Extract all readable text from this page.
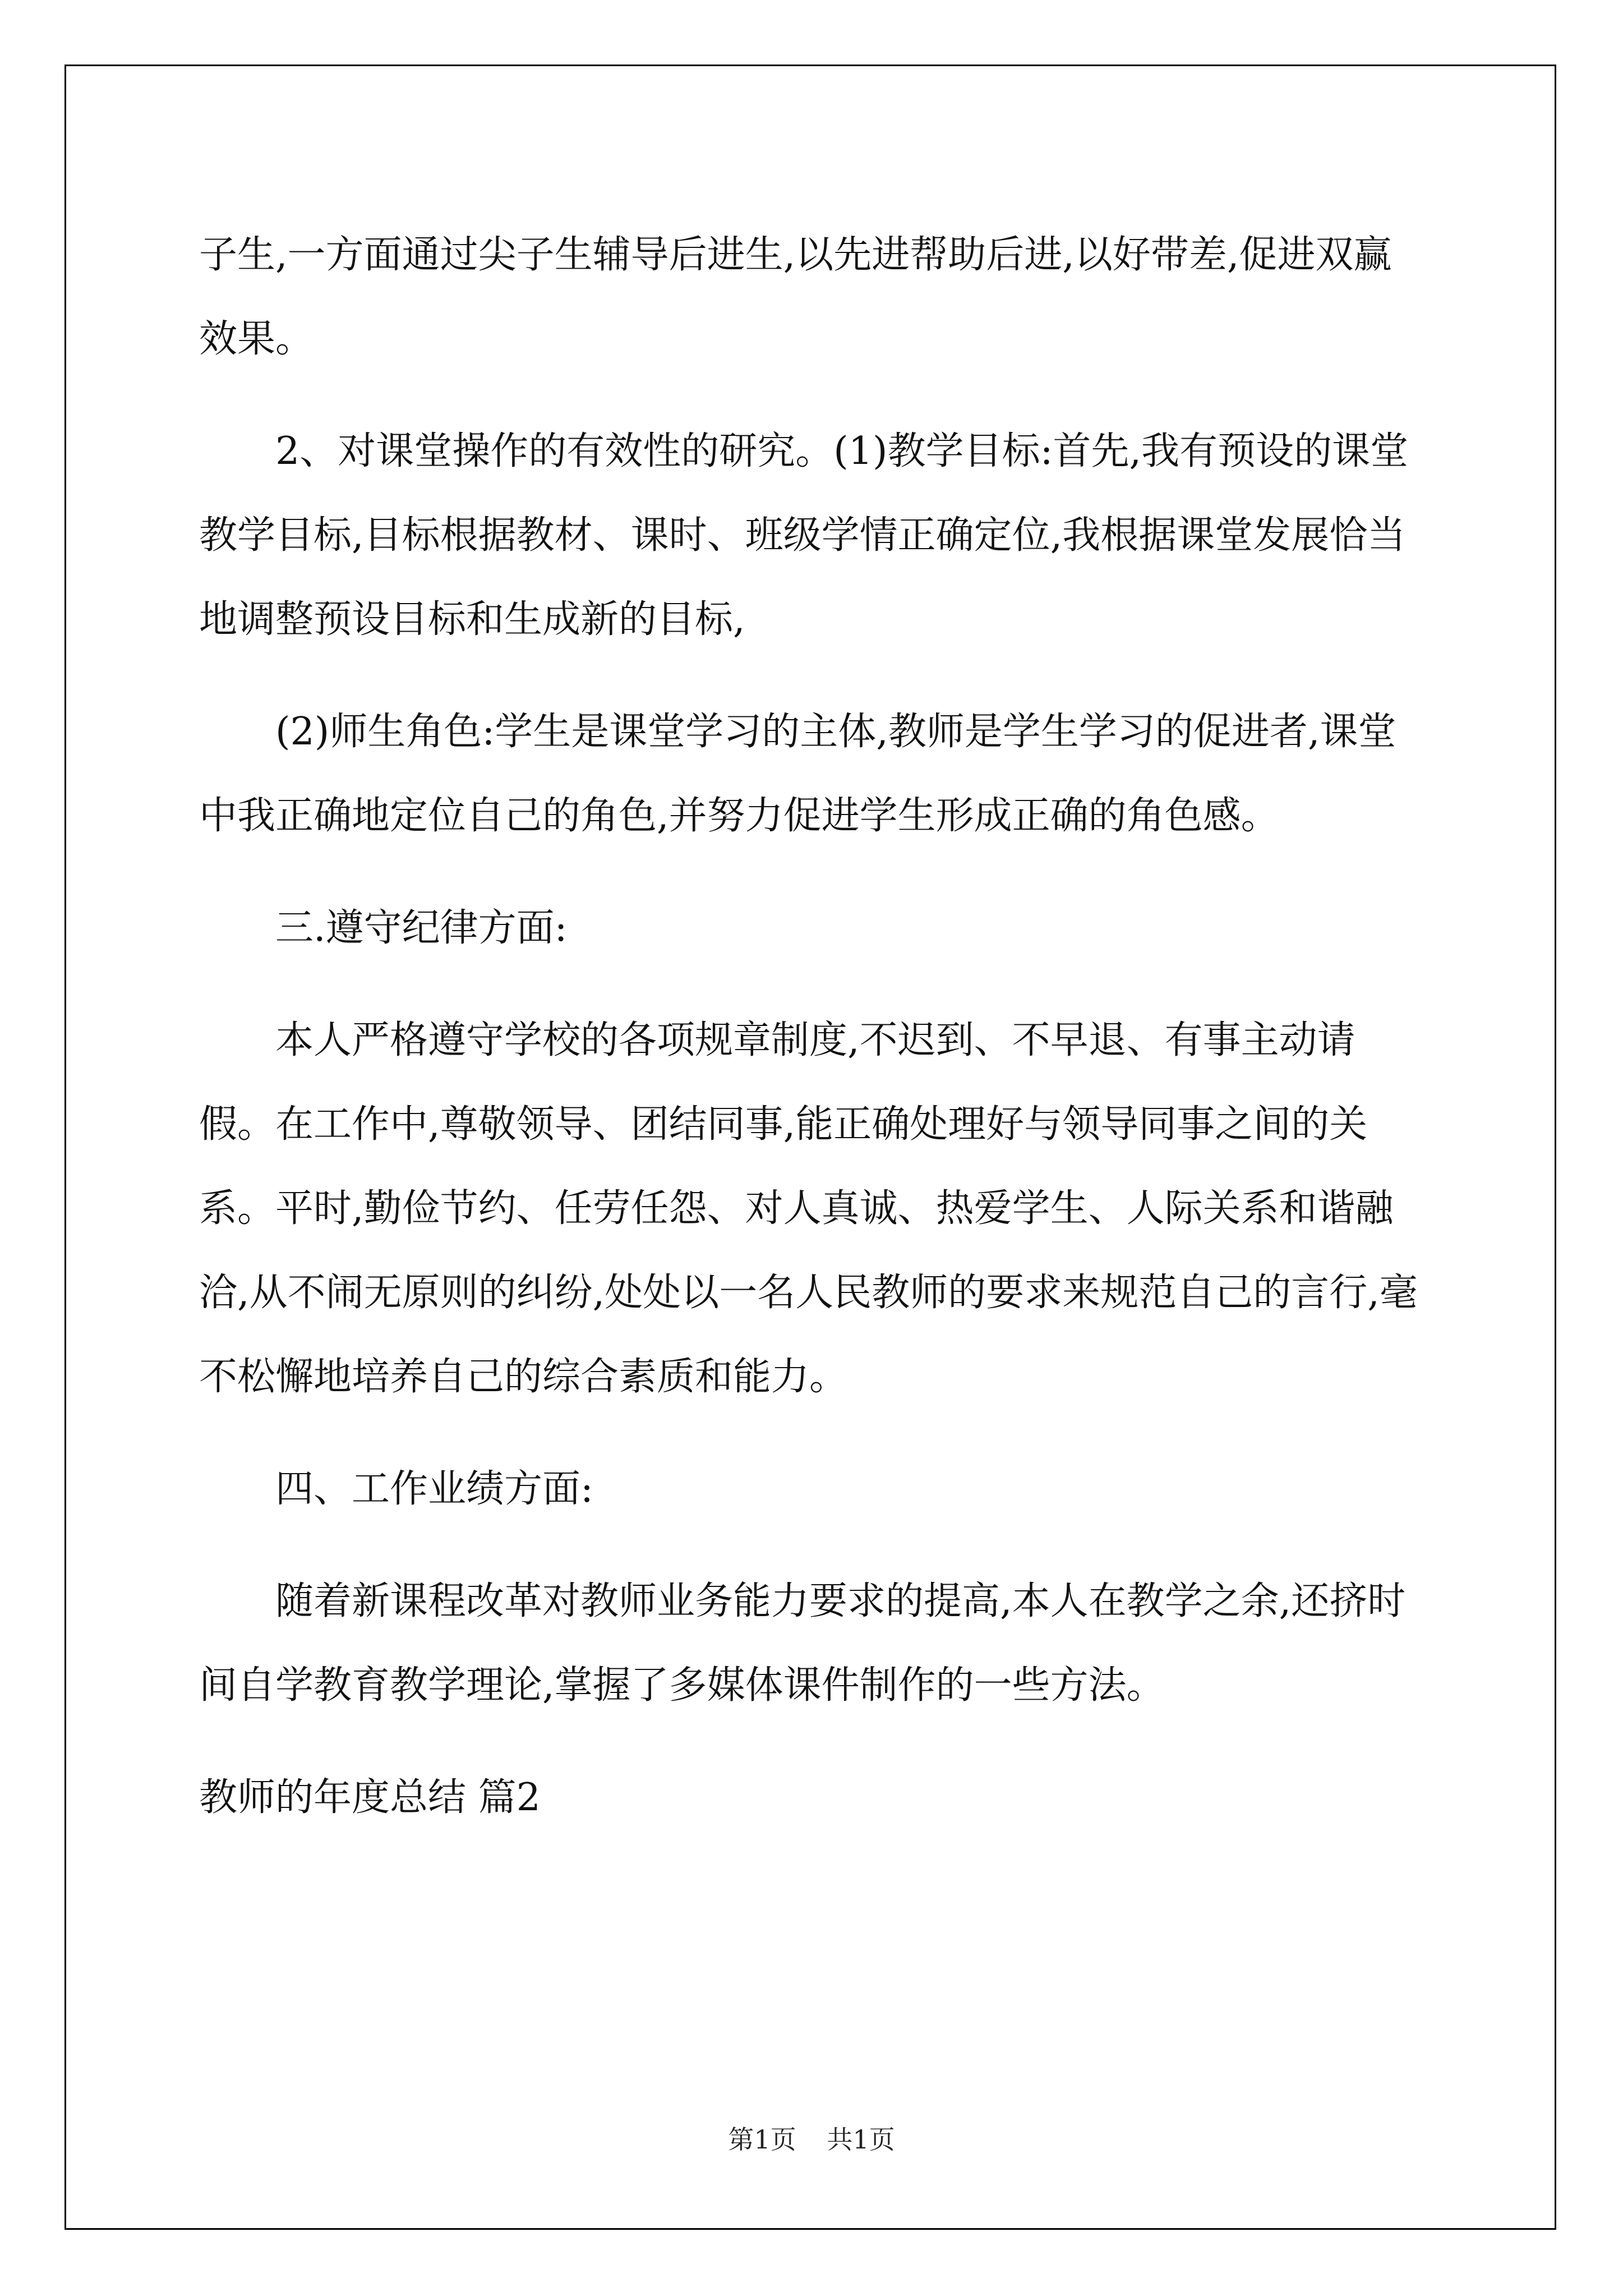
子生,一方面通过尖子生辅导后进生,以先进帮助后进,以好带差,促进双赢效果。

2、对课堂操作的有效性的研究。(1)教学目标:首先,我有预设的课堂教学目标,目标根据教材、课时、班级学情正确定位,我根据课堂发展恰当地调整预设目标和生成新的目标,

(2)师生角色:学生是课堂学习的主体,教师是学生学习的促进者,课堂中我正确地定位自己的角色,并努力促进学生形成正确的角色感。

三.遵守纪律方面:

本人严格遵守学校的各项规章制度,不迟到、不早退、有事主动请假。在工作中,尊敬领导、团结同事,能正确处理好与领导同事之间的关系。平时,勤俭节约、任劳任怨、对人真诚、热爱学生、人际关系和谐融洽,从不闹无原则的纠纷,处处以一名人民教师的要求来规范自己的言行,毫不松懈地培养自己的综合素质和能力。

四、工作业绩方面:

随着新课程改革对教师业务能力要求的提高,本人在教学之余,还挤时间自学教育教学理论,掌握了多媒体课件制作的一些方法。

教师的年度总结 篇2

第1页 共1页
